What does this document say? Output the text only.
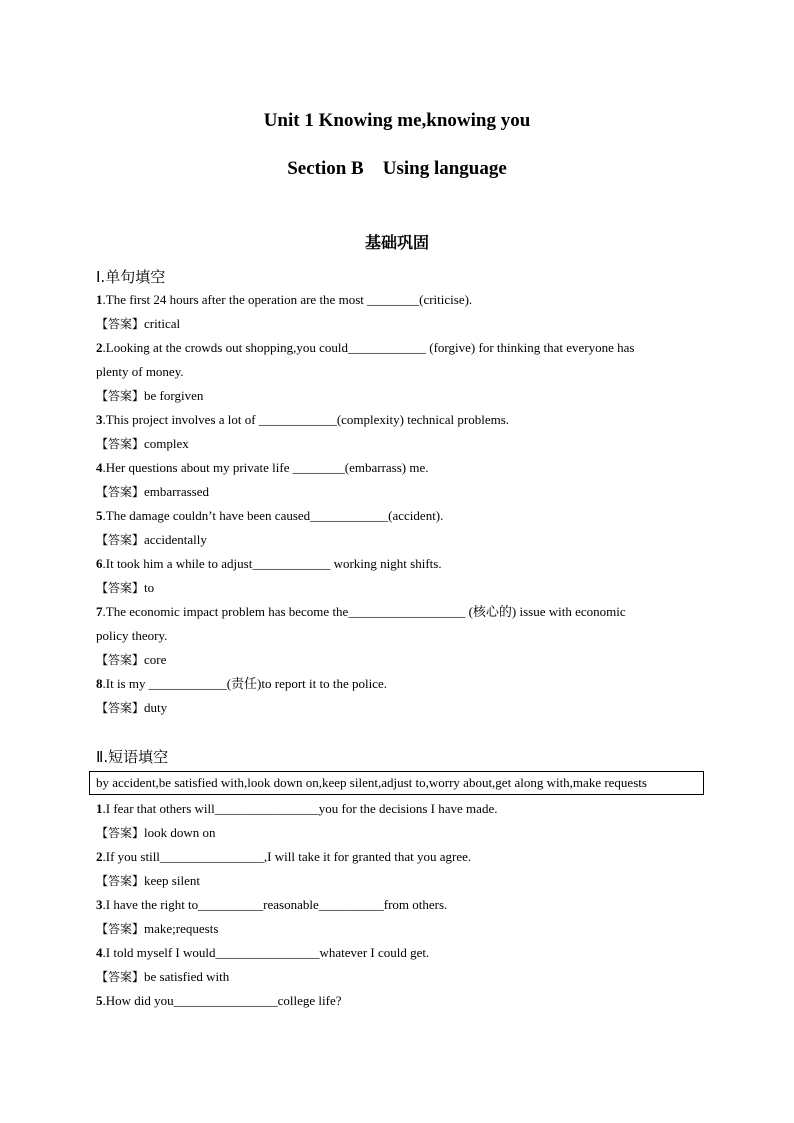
Unit 1 Knowing me,knowing you
Section B    Using language
基础巩固
Ⅰ.单句填空
1.The first 24 hours after the operation are the most ________(criticise).
【答案】critical
2.Looking at the crowds out shopping,you could____________ (forgive) for thinking that everyone has
plenty of money.
【答案】be forgiven
3.This project involves a lot of ____________(complexity) technical problems.
【答案】complex
4.Her questions about my private life ________(embarrass) me.
【答案】embarrassed
5.The damage couldn’t have been caused____________(accident).
【答案】accidentally
6.It took him a while to adjust____________ working night shifts.
【答案】to
7.The economic impact problem has become the__________________ (核心的) issue with economic
policy theory.
【答案】core
8.It is my ____________(责任)to report it to the police.
【答案】duty
Ⅱ.短语填空
by accident,be satisfied with,look down on,keep silent,adjust to,worry about,get along with,make requests
1.I fear that others will________________you for the decisions I have made.
【答案】look down on
2.If you still________________,I will take it for granted that you agree.
【答案】keep silent
3.I have the right to__________reasonable__________from others.
【答案】make;requests
4.I told myself I would________________whatever I could get.
【答案】be satisfied with
5.How did you________________college life?
